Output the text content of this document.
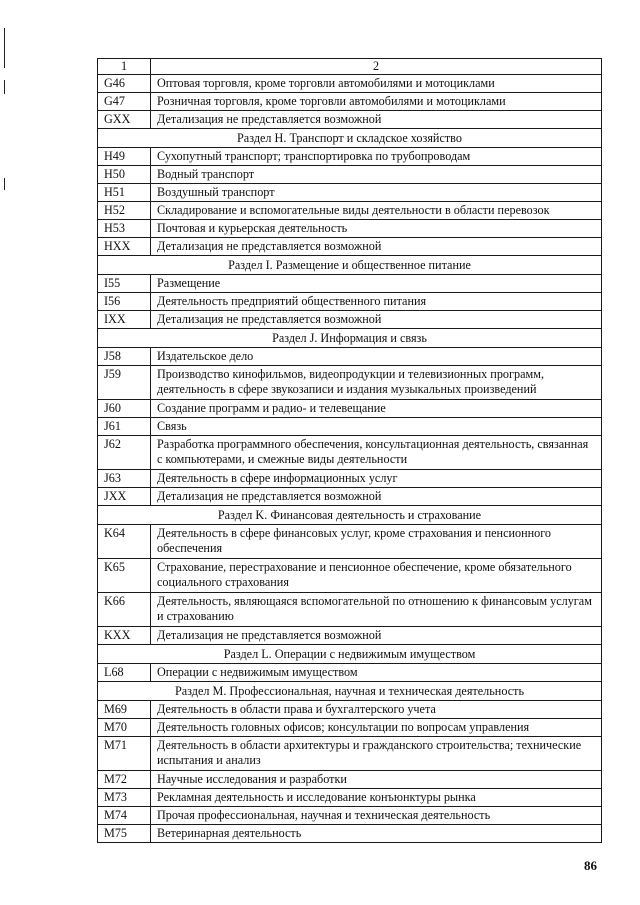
1	2
G46	Оптовая торговля, кроме торговли автомобилями и мотоциклами
G47	Розничная торговля, кроме торговли автомобилями и мотоциклами
GXX	Детализация не представляется возможной
Раздел H. Транспорт и складское хозяйство	
H49	Сухопутный транспорт; транспортировка по трубопроводам
H50	Водный транспорт
H51	Воздушный транспорт
H52	Складирование и вспомогательные виды деятельности в области перевозок
H53	Почтовая и курьерская деятельность
HXX	Детализация не представляется возможной
Раздел I. Размещение и общественное питание	
I55	Размещение
I56	Деятельность предприятий общественного питания
IXX	Детализация не представляется возможной
Раздел J. Информация и связь	
J58	Издательское дело
J59	Производство кинофильмов, видеопродукции и телевизионных программ, деятельность в сфере звукозаписи и издания музыкальных произведений
J60	Создание программ и радио- и телевещание
J61	Связь
J62	Разработка программного обеспечения, консультационная деятельность, связанная с компьютерами, и смежные виды деятельности
J63	Деятельность в сфере информационных услуг
JXX	Детализация не представляется возможной
Раздел K. Финансовая деятельность и страхование	
K64	Деятельность в сфере финансовых услуг, кроме страхования и пенсионного обеспечения
K65	Страхование, перестрахование и пенсионное обеспечение, кроме обязательного социального страхования
K66	Деятельность, являющаяся вспомогательной по отношению к финансовым услугам и страхованию
KXX	Детализация не представляется возможной
Раздел L. Операции с недвижимым имуществом	
L68	Операции с недвижимым имуществом
Раздел M. Профессиональная, научная и техническая деятельность	
M69	Деятельность в области права и бухгалтерского учета
M70	Деятельность головных офисов; консультации по вопросам управления
M71	Деятельность в области архитектуры и гражданского строительства; технические испытания и анализ
M72	Научные исследования и разработки
M73	Рекламная деятельность и исследование конъюнктуры рынка
M74	Прочая профессиональная, научная и техническая деятельность
M75	Ветеринарная деятельность
86
